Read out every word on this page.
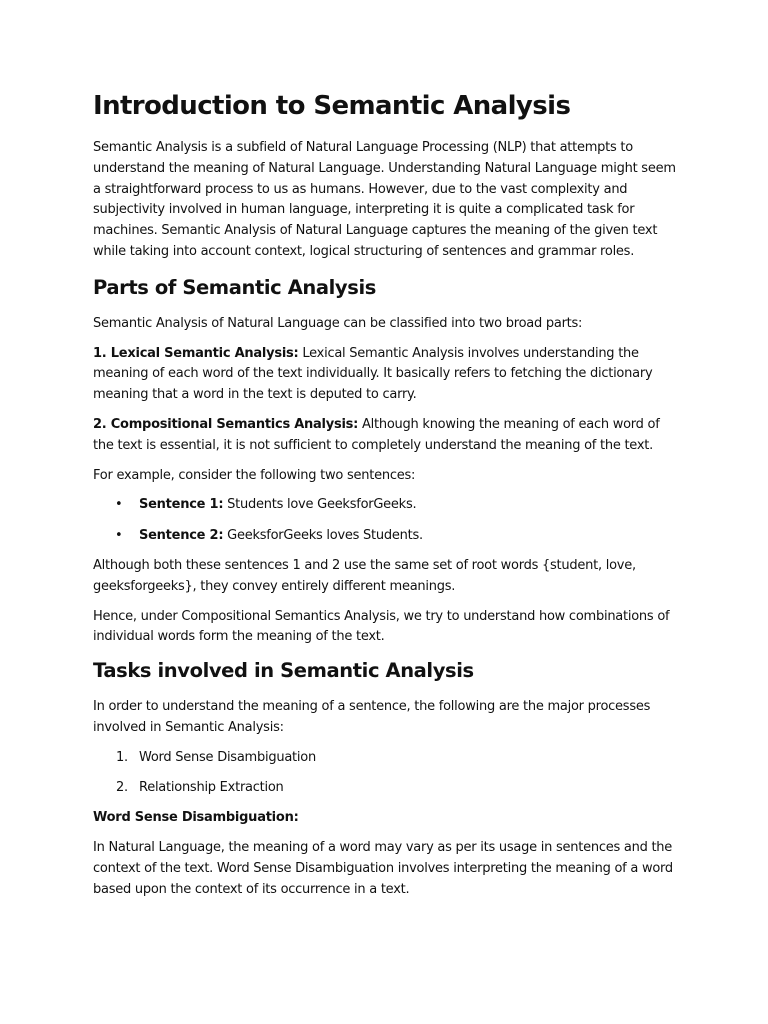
Introduction to Semantic Analysis

Semantic Analysis is a subfield of Natural Language Processing (NLP) that attempts to understand the meaning of Natural Language. Understanding Natural Language might seem a straightforward process to us as humans. However, due to the vast complexity and subjectivity involved in human language, interpreting it is quite a complicated task for machines. Semantic Analysis of Natural Language captures the meaning of the given text while taking into account context, logical structuring of sentences and grammar roles.

Parts of Semantic Analysis

Semantic Analysis of Natural Language can be classified into two broad parts:

1. Lexical Semantic Analysis: Lexical Semantic Analysis involves understanding the meaning of each word of the text individually. It basically refers to fetching the dictionary meaning that a word in the text is deputed to carry.

2. Compositional Semantics Analysis: Although knowing the meaning of each word of the text is essential, it is not sufficient to completely understand the meaning of the text.

For example, consider the following two sentences:

• Sentence 1: Students love GeeksforGeeks.
• Sentence 2: GeeksforGeeks loves Students.

Although both these sentences 1 and 2 use the same set of root words {student, love, geeksforgeeks}, they convey entirely different meanings.

Hence, under Compositional Semantics Analysis, we try to understand how combinations of individual words form the meaning of the text.

Tasks involved in Semantic Analysis

In order to understand the meaning of a sentence, the following are the major processes involved in Semantic Analysis:

1. Word Sense Disambiguation
2. Relationship Extraction

Word Sense Disambiguation:

In Natural Language, the meaning of a word may vary as per its usage in sentences and the context of the text. Word Sense Disambiguation involves interpreting the meaning of a word based upon the context of its occurrence in a text.
